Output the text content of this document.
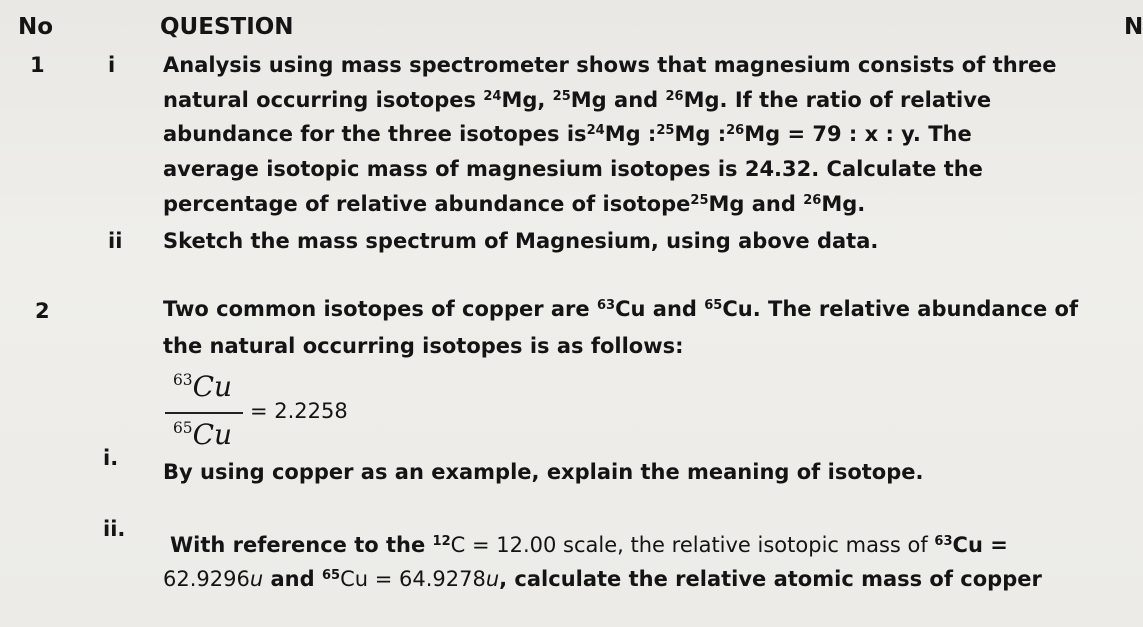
No	QUESTION	N
1	i Analysis using mass spectrometer shows that magnesium consists of three
natural occurring isotopes $^{24}$Mg, $^{25}$Mg and $^{26}$Mg. If the ratio of relative
abundance for the three isotopes $is^{24}Mg$ :$^{25}$Mg :$^{26}$Mg = 79 : x : y. The
average isotopic mass of magnesium isotopes is 24.32. Calculate the
percentage of relative abundance of isotope$^{25}$Mg and $^{26}$Mg.
ii Sketch the mass spectrum of Magnesium, using above data.
2	Two common isotopes of copper are $^{63}$Cu and $^{65}$Cu. The relative abundance of
the natural occurring isotopes is as follows:
$^{63}$Cu
$^{65}$Cu
= 2.2258
i.
By using copper as an example, explain the meaning of isotope.
ii.
With reference to the $^{12}$C = 12.00 scale, the relative isotopic mass of $^{63}$Cu =
62.9296u and $^{65}$Cu = 64.9278u, calculate the relative atomic mass of copper
